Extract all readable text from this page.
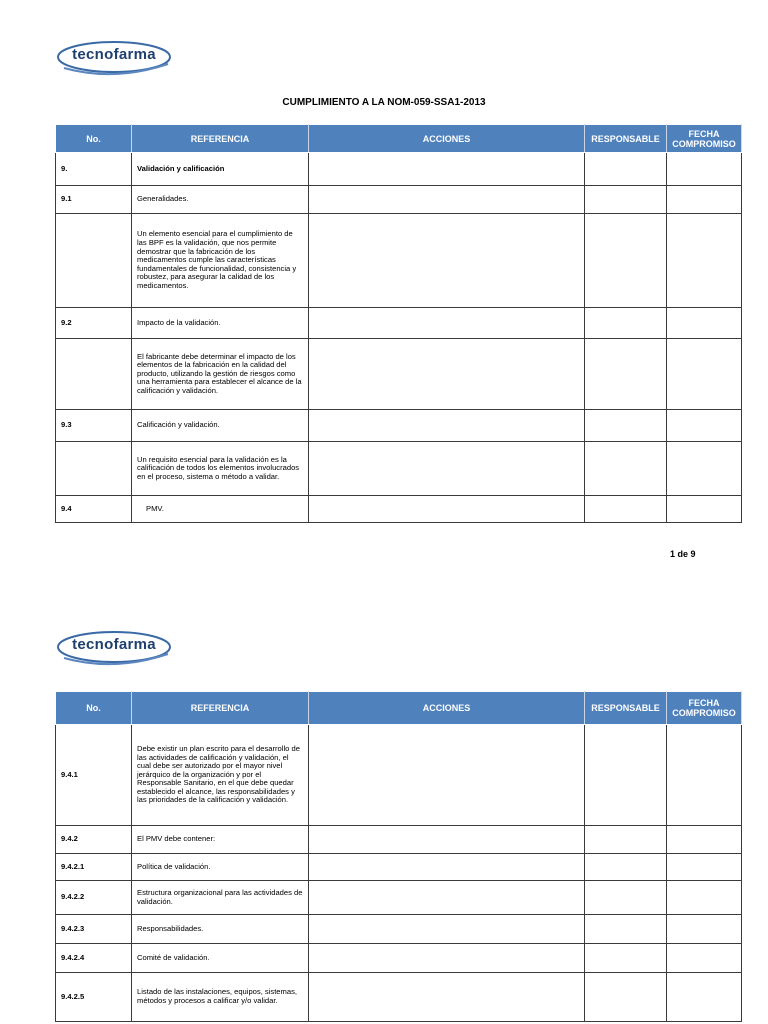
tecnofarma
CUMPLIMIENTO A LA NOM-059-SSA1-2013
No.	REFERENCIA	ACCIONES	RESPONSABLE	FECHA
COMPROMISO
9.	Validación y calificación			
9.1	Generalidades.			
	Un elemento esencial para el cumplimiento de las BPF es la validación, que nos permite demostrar que la fabricación de los medicamentos cumple las características fundamentales de funcionalidad, consistencia y robustez, para asegurar la calidad de los medicamentos.			
9.2	Impacto de la validación.			
	El fabricante debe determinar el impacto de los elementos de la fabricación en la calidad del producto, utilizando la gestión de riesgos como una herramienta para establecer el alcance de la calificación y validación.			
9.3	Calificación y validación.			
	Un requisito esencial para la validación es la calificación de todos los elementos involucrados en el proceso, sistema o método a validar.			
9.4	PMV.			
1 de 9
tecnofarma
No.	REFERENCIA	ACCIONES	RESPONSABLE	FECHA
COMPROMISO
9.4.1	Debe existir un plan escrito para el desarrollo de las actividades de calificación y validación, el cual debe ser autorizado por el mayor nivel jerárquico de la organización y por el Responsable Sanitario, en el que debe quedar establecido el alcance, las responsabilidades y las prioridades de la calificación y validación.			
9.4.2	El PMV debe contener:			
9.4.2.1	Política de validación.			
9.4.2.2	Estructura organizacional para las actividades de validación.			
9.4.2.3	Responsabilidades.			
9.4.2.4	Comité de validación.			
9.4.2.5	Listado de las instalaciones, equipos, sistemas, métodos y procesos a calificar y/o validar.			
